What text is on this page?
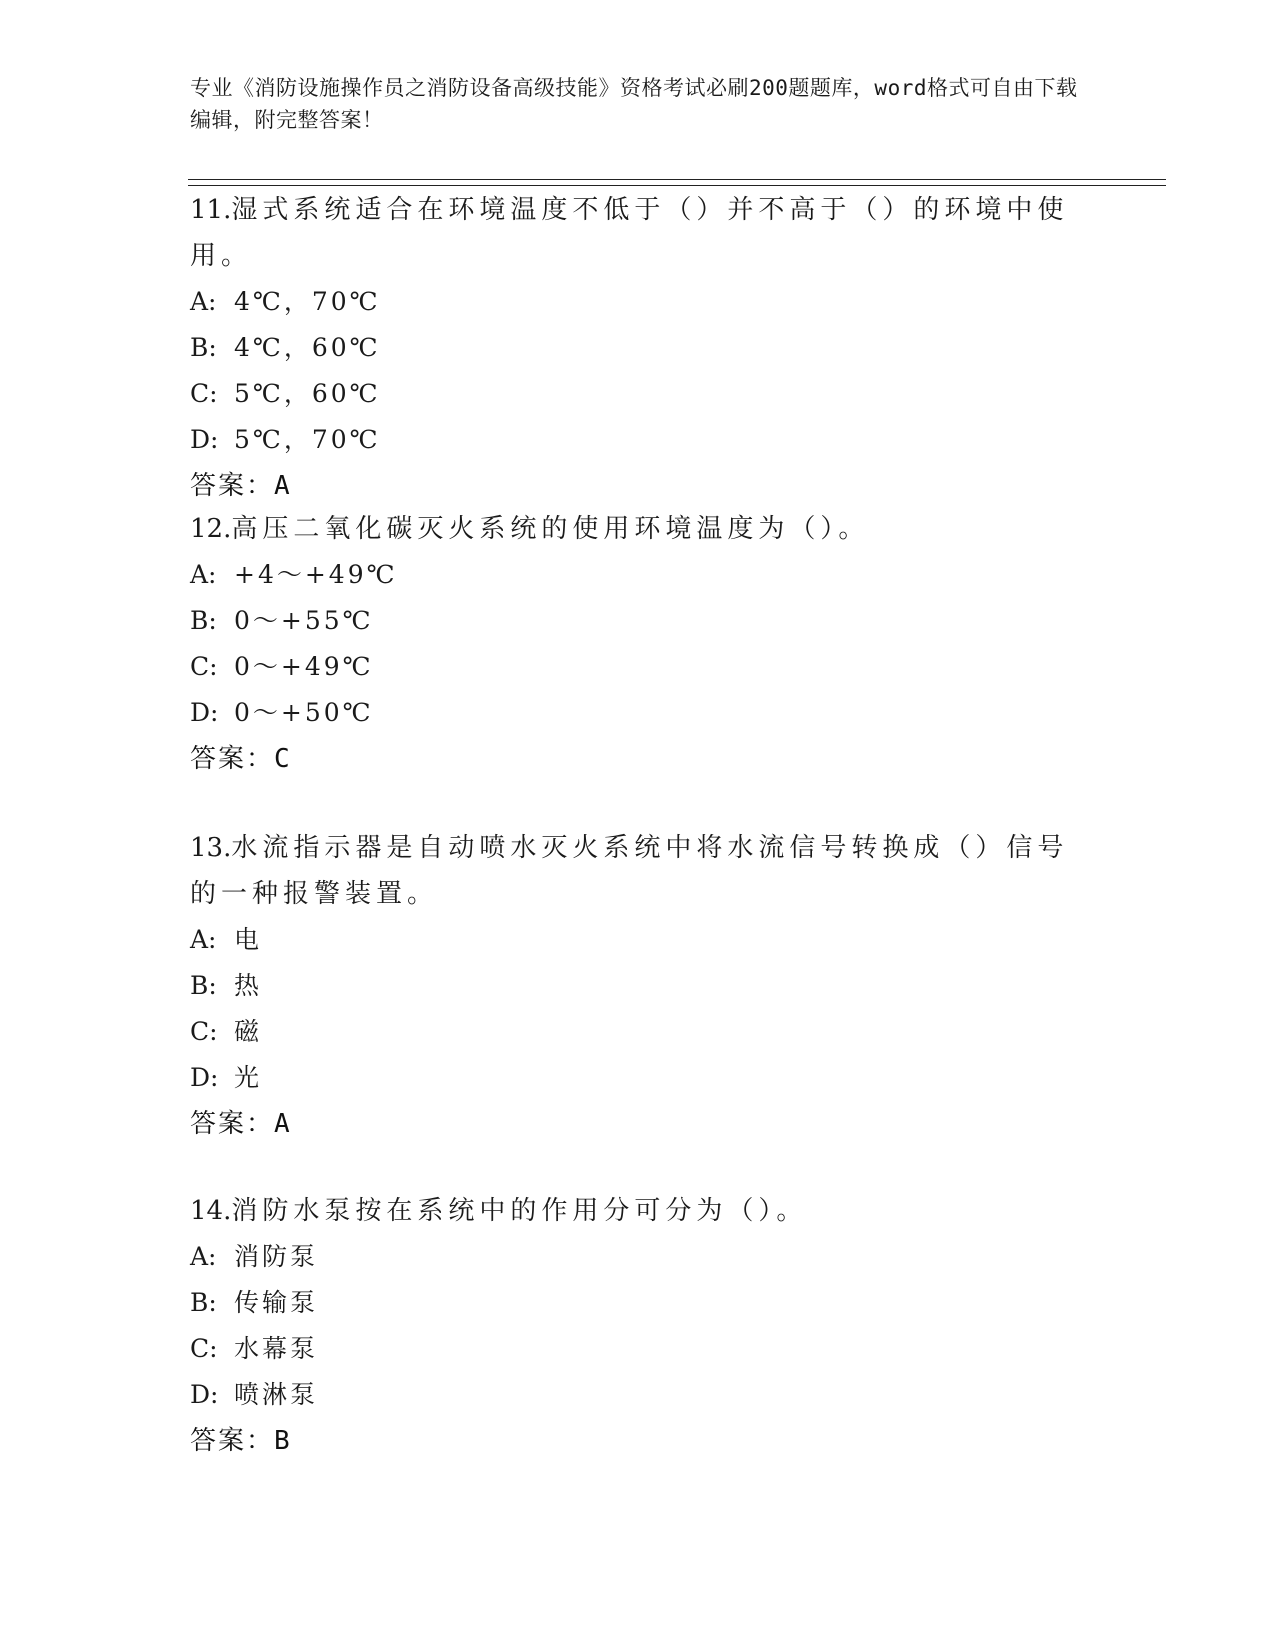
专业《消防设施操作员之消防设备高级技能》资格考试必刷200题题库，word格式可自由下载编辑，附完整答案！

11.湿式系统适合在环境温度不低于（）并不高于（）的环境中使用。

A: 4℃，70℃

B: 4℃，60℃

C: 5℃，60℃

D: 5℃，70℃

答案：A

12.高压二氧化碳灭火系统的使用环境温度为（）。

A: +4～+49℃

B: 0～+55℃

C: 0～+49℃

D: 0～+50℃

答案：C

13.水流指示器是自动喷水灭火系统中将水流信号转换成（）信号的一种报警装置。

A: 电

B: 热

C: 磁

D: 光

答案：A

14.消防水泵按在系统中的作用分可分为（）。

A: 消防泵

B: 传输泵

C: 水幕泵

D: 喷淋泵

答案：B
